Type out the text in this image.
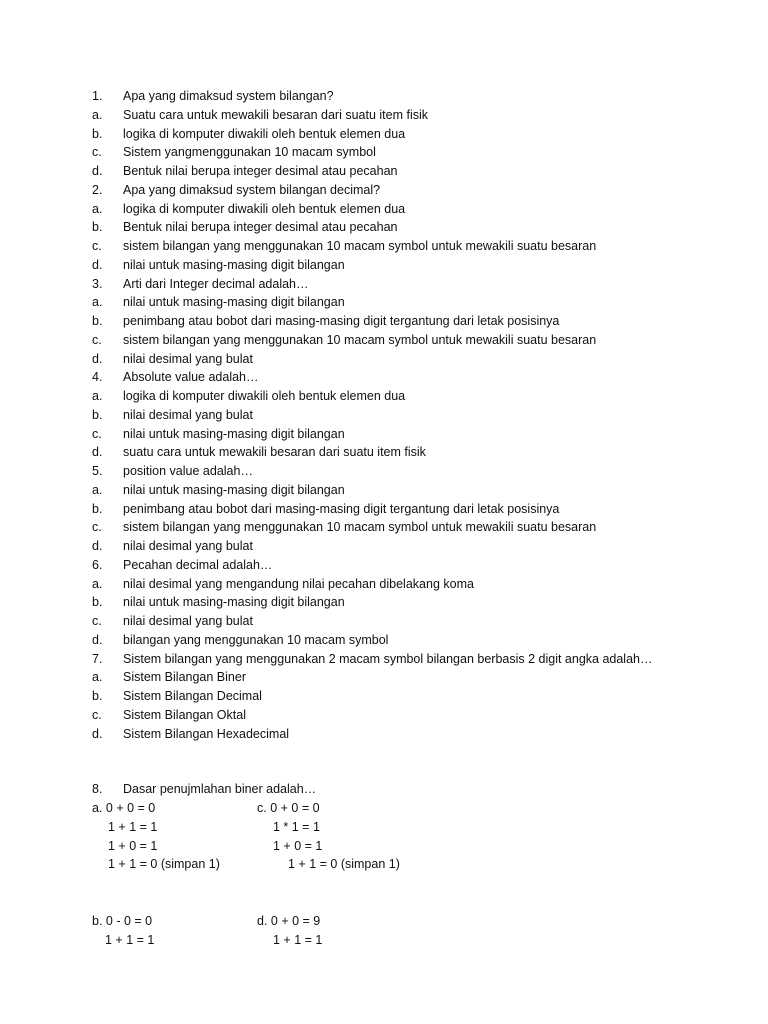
1.	Apa yang dimaksud system bilangan?
a.	Suatu cara untuk mewakili besaran dari suatu item fisik
b.	logika di komputer diwakili oleh bentuk elemen dua
c.	Sistem yangmenggunakan 10 macam symbol
d.	Bentuk nilai berupa integer desimal atau pecahan
2.	Apa yang dimaksud system bilangan decimal?
a.	logika di komputer diwakili oleh bentuk elemen dua
b.	Bentuk nilai berupa integer desimal atau pecahan
c.	sistem bilangan yang menggunakan 10 macam symbol untuk mewakili suatu besaran
d.	nilai untuk masing-masing digit bilangan
3.	Arti dari Integer decimal adalah…
a.	nilai untuk masing-masing digit bilangan
b.	penimbang atau bobot dari masing-masing digit tergantung dari letak posisinya
c.	sistem bilangan yang menggunakan 10 macam symbol untuk mewakili suatu besaran
d.	nilai desimal yang bulat
4.	Absolute value adalah…
a.	logika di komputer diwakili oleh bentuk elemen dua
b.	nilai desimal yang bulat
c.	nilai untuk masing-masing digit bilangan
d.	suatu cara untuk mewakili besaran dari suatu item fisik
5.	position value adalah…
a.	nilai untuk masing-masing digit bilangan
b.	penimbang atau bobot dari masing-masing digit tergantung dari letak posisinya
c.	sistem bilangan yang menggunakan 10 macam symbol untuk mewakili suatu besaran
d.	nilai desimal yang bulat
6.	Pecahan decimal adalah…
a.	nilai desimal yang mengandung nilai pecahan dibelakang koma
b.	nilai untuk masing-masing digit bilangan
c.	nilai desimal yang bulat
d.	bilangan yang menggunakan 10 macam symbol
7.	Sistem bilangan yang menggunakan 2 macam symbol bilangan berbasis 2 digit angka adalah…
a.	Sistem Bilangan Biner
b.	Sistem Bilangan Decimal
c.	Sistem Bilangan Oktal
d.	Sistem Bilangan Hexadecimal
8.	Dasar penujmlahan biner adalah…
a. 0 + 0 = 0
1 + 1 = 1
1 + 0 = 1
1 + 1 = 0 (simpan 1)
c. 0 + 0 = 0
1 * 1 = 1
1 + 0 = 1
1 + 1 = 0 (simpan 1)
b. 0 - 0 = 0
1 + 1 = 1
d. 0 + 0 = 9
1 + 1 = 1
